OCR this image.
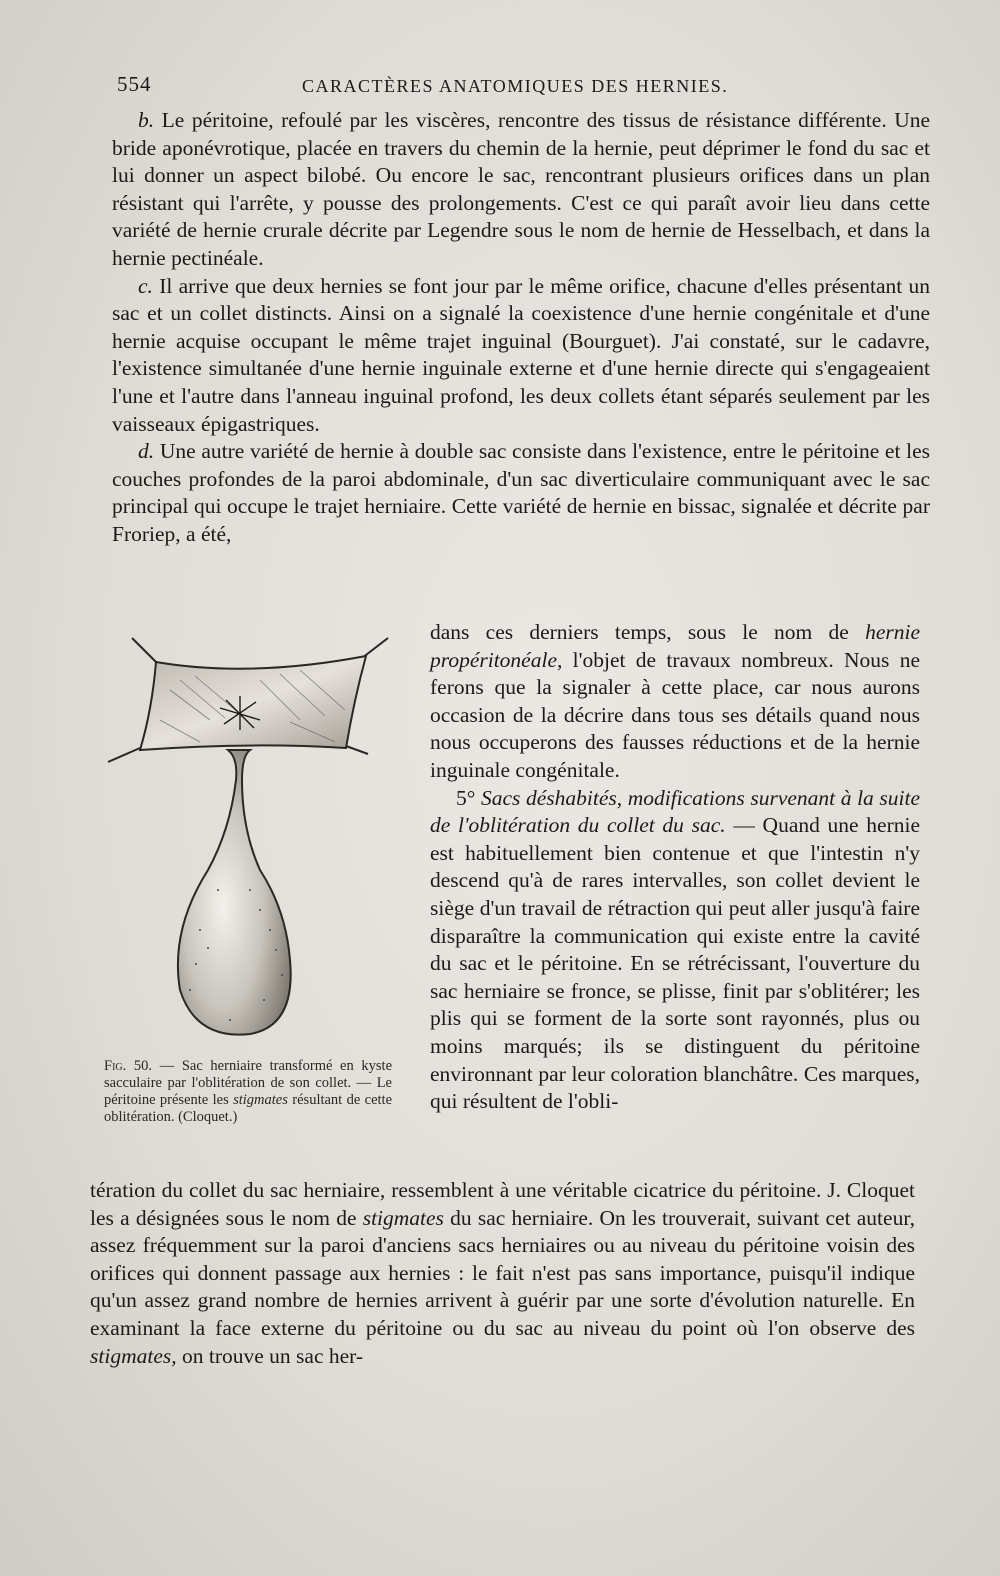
554	CARACTÈRES ANATOMIQUES DES HERNIES.

b. Le péritoine, refoulé par les viscères, rencontre des tissus de résistance différente. Une bride aponévrotique, placée en travers du chemin de la hernie, peut déprimer le fond du sac et lui donner un aspect bilobé. Ou encore le sac, rencontrant plusieurs orifices dans un plan résistant qui l'arrête, y pousse des prolongements. C'est ce qui paraît avoir lieu dans cette variété de hernie crurale décrite par Legendre sous le nom de hernie de Hesselbach, et dans la hernie pectinéale.

c. Il arrive que deux hernies se font jour par le même orifice, chacune d'elles présentant un sac et un collet distincts. Ainsi on a signalé la coexistence d'une hernie congénitale et d'une hernie acquise occupant le même trajet inguinal (Bourguet). J'ai constaté, sur le cadavre, l'existence simultanée d'une hernie inguinale externe et d'une hernie directe qui s'engageaient l'une et l'autre dans l'anneau inguinal profond, les deux collets étant séparés seulement par les vaisseaux épigastriques.

d. Une autre variété de hernie à double sac consiste dans l'existence, entre le péritoine et les couches profondes de la paroi abdominale, d'un sac diverticulaire communiquant avec le sac principal qui occupe le trajet herniaire. Cette variété de hernie en bissac, signalée et décrite par Froriep, a été,

Fig. 50. — Sac herniaire transformé en kyste sacculaire par l'oblitération de son collet. — Le péritoine présente les stigmates résultant de cette oblitération. (Cloquet.)

dans ces derniers temps, sous le nom de hernie propéritonéale, l'objet de travaux nombreux. Nous ne ferons que la signaler à cette place, car nous aurons occasion de la décrire dans tous ses détails quand nous nous occuperons des fausses réductions et de la hernie inguinale congénitale.

5° Sacs déshabités, modifications survenant à la suite de l'oblitération du collet du sac. — Quand une hernie est habituellement bien contenue et que l'intestin n'y descend qu'à de rares intervalles, son collet devient le siège d'un travail de rétraction qui peut aller jusqu'à faire disparaître la communication qui existe entre la cavité du sac et le péritoine. En se rétrécissant, l'ouverture du sac herniaire se fronce, se plisse, finit par s'oblitérer; les plis qui se forment de la sorte sont rayonnés, plus ou moins marqués; ils se distinguent du péritoine environnant par leur coloration blanchâtre. Ces marques, qui résultent de l'obli-

tération du collet du sac herniaire, ressemblent à une véritable cicatrice du péritoine. J. Cloquet les a désignées sous le nom de stigmates du sac herniaire. On les trouverait, suivant cet auteur, assez fréquemment sur la paroi d'anciens sacs herniaires ou au niveau du péritoine voisin des orifices qui donnent passage aux hernies : le fait n'est pas sans importance, puisqu'il indique qu'un assez grand nombre de hernies arrivent à guérir par une sorte d'évolution naturelle. En examinant la face externe du péritoine ou du sac au niveau du point où l'on observe des stigmates, on trouve un sac her-
